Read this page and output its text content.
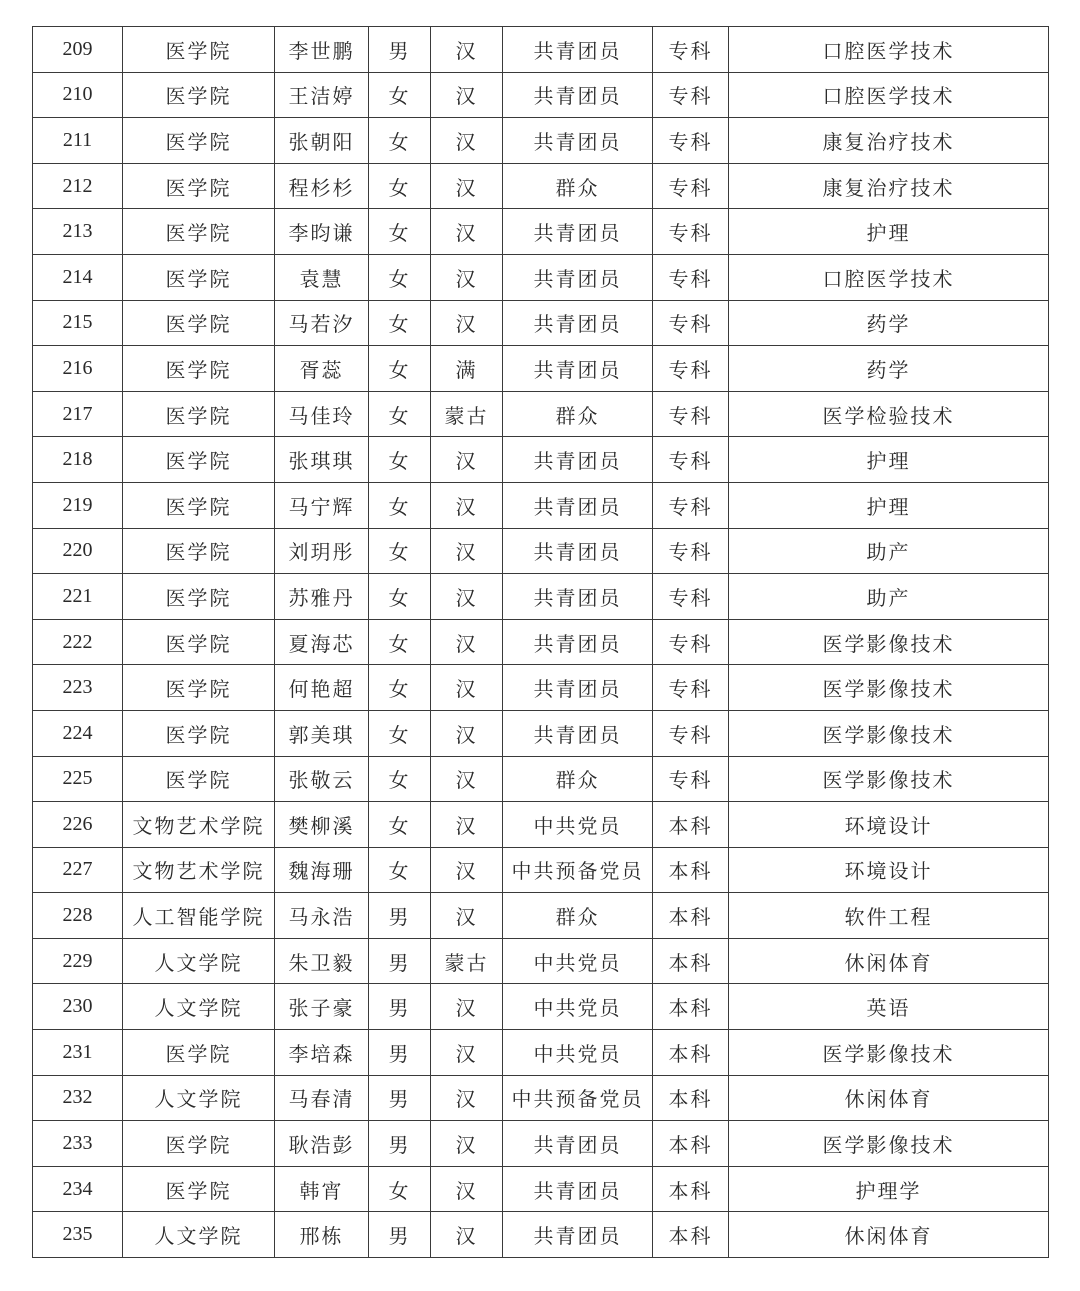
209	医学院	李世鹏	男	汉	共青团员	专科	口腔医学技术
210	医学院	王洁婷	女	汉	共青团员	专科	口腔医学技术
211	医学院	张朝阳	女	汉	共青团员	专科	康复治疗技术
212	医学院	程杉杉	女	汉	群众	专科	康复治疗技术
213	医学院	李昀谦	女	汉	共青团员	专科	护理
214	医学院	袁慧	女	汉	共青团员	专科	口腔医学技术
215	医学院	马若汐	女	汉	共青团员	专科	药学
216	医学院	胥蕊	女	满	共青团员	专科	药学
217	医学院	马佳玲	女	蒙古	群众	专科	医学检验技术
218	医学院	张琪琪	女	汉	共青团员	专科	护理
219	医学院	马宁辉	女	汉	共青团员	专科	护理
220	医学院	刘玥彤	女	汉	共青团员	专科	助产
221	医学院	苏雅丹	女	汉	共青团员	专科	助产
222	医学院	夏海芯	女	汉	共青团员	专科	医学影像技术
223	医学院	何艳超	女	汉	共青团员	专科	医学影像技术
224	医学院	郭美琪	女	汉	共青团员	专科	医学影像技术
225	医学院	张敬云	女	汉	群众	专科	医学影像技术
226	文物艺术学院	樊柳溪	女	汉	中共党员	本科	环境设计
227	文物艺术学院	魏海珊	女	汉	中共预备党员	本科	环境设计
228	人工智能学院	马永浩	男	汉	群众	本科	软件工程
229	人文学院	朱卫毅	男	蒙古	中共党员	本科	休闲体育
230	人文学院	张子豪	男	汉	中共党员	本科	英语
231	医学院	李培森	男	汉	中共党员	本科	医学影像技术
232	人文学院	马春清	男	汉	中共预备党员	本科	休闲体育
233	医学院	耿浩彭	男	汉	共青团员	本科	医学影像技术
234	医学院	韩宵	女	汉	共青团员	本科	护理学
235	人文学院	邢栋	男	汉	共青团员	本科	休闲体育
